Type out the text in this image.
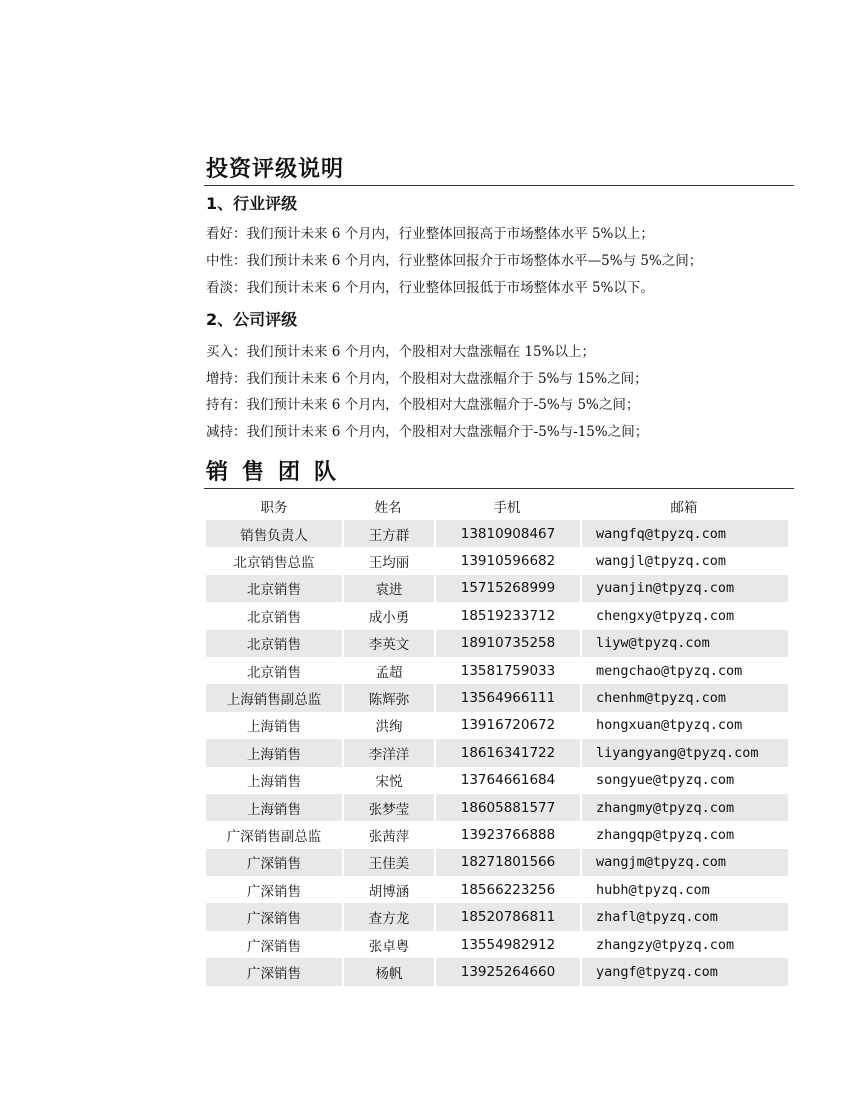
投资评级说明
1、行业评级
看好：我们预计未来 6 个月内，行业整体回报高于市场整体水平 5%以上；
中性：我们预计未来 6 个月内，行业整体回报介于市场整体水平—5%与 5%之间；
看淡：我们预计未来 6 个月内，行业整体回报低于市场整体水平 5%以下。
2、公司评级
买入：我们预计未来 6 个月内，个股相对大盘涨幅在 15%以上；
增持：我们预计未来 6 个月内，个股相对大盘涨幅介于 5%与 15%之间；
持有：我们预计未来 6 个月内，个股相对大盘涨幅介于-5%与 5%之间；
减持：我们预计未来 6 个月内，个股相对大盘涨幅介于-5%与-15%之间；
销售团队
职务	姓名	手机	邮箱
销售负责人	王方群	13810908467	wangfq@tpyzq.com
北京销售总监	王均丽	13910596682	wangjl@tpyzq.com
北京销售	袁进	15715268999	yuanjin@tpyzq.com
北京销售	成小勇	18519233712	chengxy@tpyzq.com
北京销售	李英文	18910735258	liyw@tpyzq.com
北京销售	孟超	13581759033	mengchao@tpyzq.com
上海销售副总监	陈辉弥	13564966111	chenhm@tpyzq.com
上海销售	洪绚	13916720672	hongxuan@tpyzq.com
上海销售	李洋洋	18616341722	liyangyang@tpyzq.com
上海销售	宋悦	13764661684	songyue@tpyzq.com
上海销售	张梦莹	18605881577	zhangmy@tpyzq.com
广深销售副总监	张茜萍	13923766888	zhangqp@tpyzq.com
广深销售	王佳美	18271801566	wangjm@tpyzq.com
广深销售	胡博涵	18566223256	hubh@tpyzq.com
广深销售	查方龙	18520786811	zhafl@tpyzq.com
广深销售	张卓粤	13554982912	zhangzy@tpyzq.com
广深销售	杨帆	13925264660	yangf@tpyzq.com
